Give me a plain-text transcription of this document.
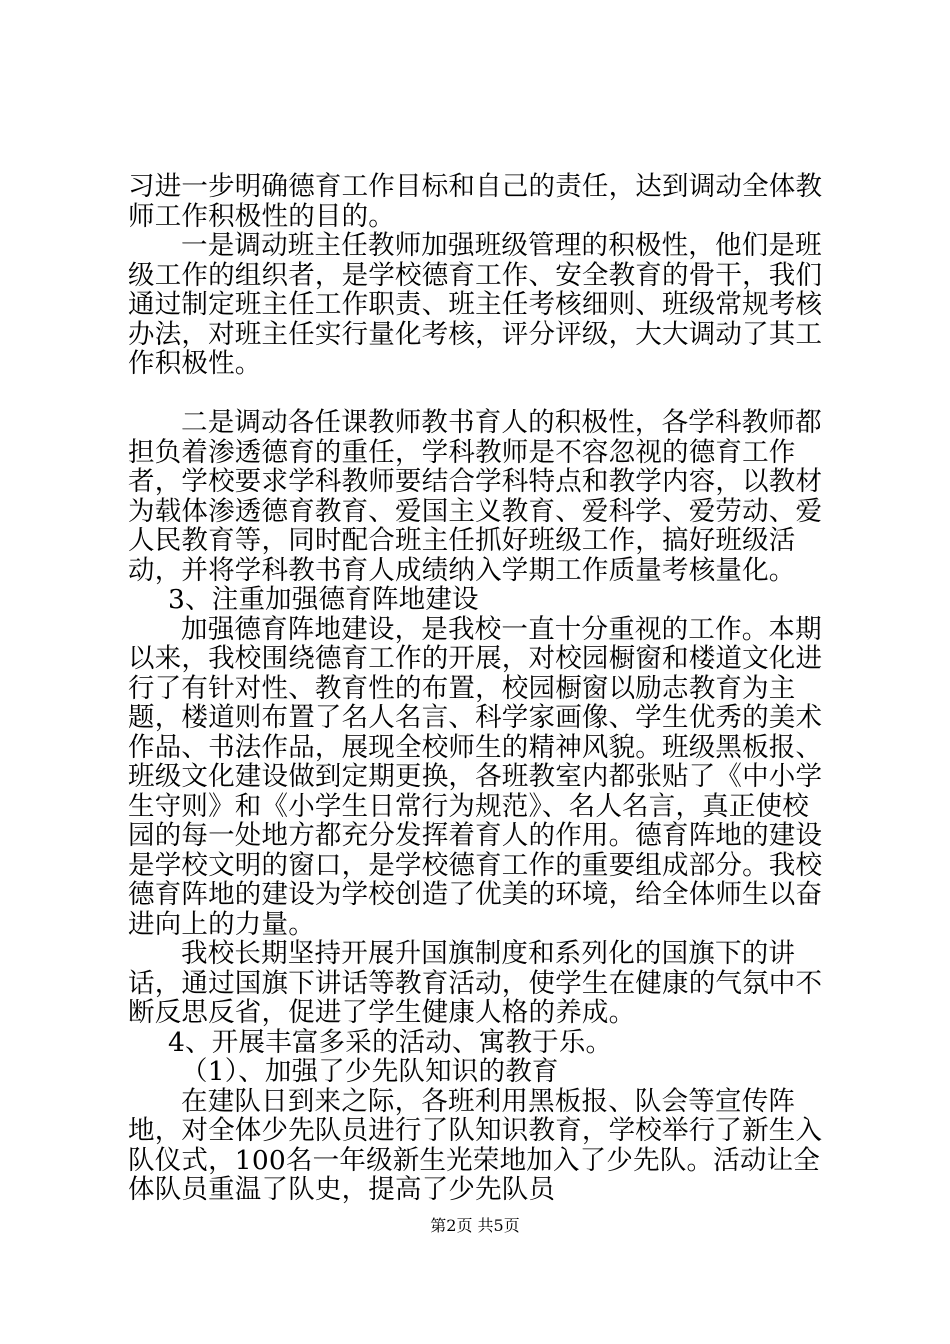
习进一步明确德育工作目标和自己的责任，达到调动全体教师工作积极性的目的。

一是调动班主任教师加强班级管理的积极性，他们是班级工作的组织者，是学校德育工作、安全教育的骨干，我们通过制定班主任工作职责、班主任考核细则、班级常规考核办法，对班主任实行量化考核，评分评级，大大调动了其工作积极性。

二是调动各任课教师教书育人的积极性，各学科教师都担负着渗透德育的重任，学科教师是不容忽视的德育工作者，学校要求学科教师要结合学科特点和教学内容，以教材为载体渗透德育教育、爱国主义教育、爱科学、爱劳动、爱人民教育等，同时配合班主任抓好班级工作，搞好班级活动，并将学科教书育人成绩纳入学期工作质量考核量化。

3、注重加强德育阵地建设

加强德育阵地建设，是我校一直十分重视的工作。本期以来，我校围绕德育工作的开展，对校园橱窗和楼道文化进行了有针对性、教育性的布置，校园橱窗以励志教育为主题，楼道则布置了名人名言、科学家画像、学生优秀的美术作品、书法作品，展现全校师生的精神风貌。班级黑板报、班级文化建设做到定期更换，各班教室内都张贴了《中小学生守则》和《小学生日常行为规范》、名人名言，真正使校园的每一处地方都充分发挥着育人的作用。德育阵地的建设是学校文明的窗口，是学校德育工作的重要组成部分。我校德育阵地的建设为学校创造了优美的环境，给全体师生以奋进向上的力量。

我校长期坚持开展升国旗制度和系列化的国旗下的讲话，通过国旗下讲话等教育活动，使学生在健康的气氛中不断反思反省，促进了学生健康人格的养成。

4、开展丰富多采的活动、寓教于乐。

（1）、加强了少先队知识的教育

在建队日到来之际，各班利用黑板报、队会等宣传阵地，对全体少先队员进行了队知识教育，学校举行了新生入队仪式，100名一年级新生光荣地加入了少先队。活动让全体队员重温了队史，提高了少先队员

第2页 共5页
